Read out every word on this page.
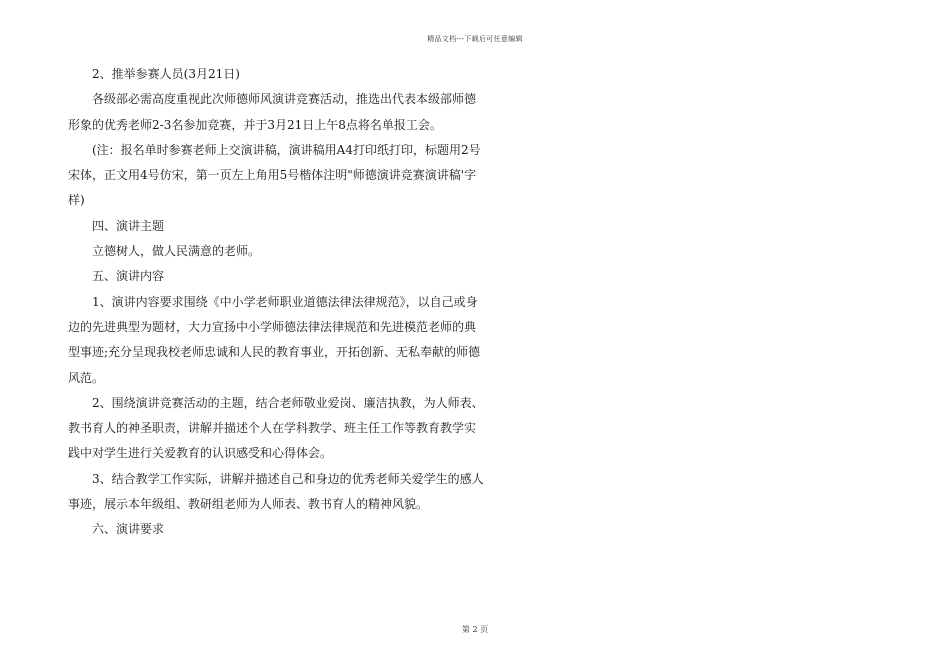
精品文档---下载后可任意编辑
2、推举参赛人员(3月21日)
各级部必需高度重视此次师德师风演讲竞赛活动，推选出代表本级部师德
形象的优秀老师2-3名参加竞赛，并于3月21日上午8点将名单报工会。
(注：报名单时参赛老师上交演讲稿，演讲稿用A4打印纸打印，标题用2号
宋体，正文用4号仿宋，第一页左上角用5号楷体注明"师德演讲竞赛演讲稿'字
样)
四、演讲主题
立德树人，做人民满意的老师。
五、演讲内容
1、演讲内容要求围绕《中小学老师职业道德法律法律规范》，以自己或身
边的先进典型为题材，大力宣扬中小学师德法律法律规范和先进模范老师的典
型事迹;充分呈现我校老师忠诚和人民的教育事业，开拓创新、无私奉献的师德
风范。
2、围绕演讲竞赛活动的主题，结合老师敬业爱岗、廉洁执教，为人师表、
教书育人的神圣职责，讲解并描述个人在学科教学、班主任工作等教育教学实
践中对学生进行关爱教育的认识感受和心得体会。
3、结合教学工作实际，讲解并描述自己和身边的优秀老师关爱学生的感人
事迹，展示本年级组、教研组老师为人师表、教书育人的精神风貌。
六、演讲要求
第 2 页
